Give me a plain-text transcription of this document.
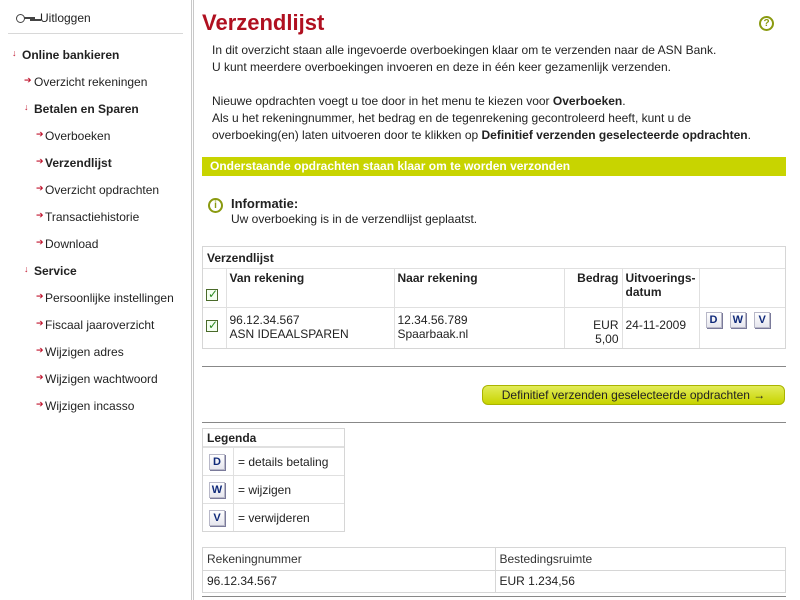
Uitloggen
↓ Online bankieren
➔ Overzicht rekeningen
↓ Betalen en Sparen
➔ Overboeken
➔ Verzendlijst
➔ Overzicht opdrachten
➔ Transactiehistorie
➔ Download
↓ Service
➔ Persoonlijke instellingen
➔ Fiscaal jaaroverzicht
➔ Wijzigen adres
➔ Wijzigen wachtwoord
➔ Wijzigen incasso
Verzendlijst	?

In dit overzicht staan alle ingevoerde overboekingen klaar om te verzenden naar de ASN Bank.
U kunt meerdere overboekingen invoeren en deze in één keer gezamenlijk verzenden.

Nieuwe opdrachten voegt u toe door in het menu te kiezen voor Overboeken.
Als u het rekeningnummer, het bedrag en de tegenrekening gecontroleerd heeft, kunt u de
overboeking(en) laten uitvoeren door te klikken op Definitief verzenden geselecteerde opdrachten.

Onderstaande opdrachten staan klaar om te worden verzonden
i	Informatie:
Uw overboeking is in de verzendlijst geplaatst.
Verzendlijst
✓	Van rekening	Naar rekening	Bedrag	Uitvoerings-
datum	

✓	96.12.34.567
ASN IDEAALSPAREN	12.34.56.789
Spaarbaak.nl	EUR 5,00	24-11-2009	D W V
Definitief verzenden geselecteerde opdrachten →
Legenda
D	= details betaling
W	= wijzigen
V	= verwijderen
Rekeningnummer	Bestedingsruimte
96.12.34.567	EUR 1.234,56
